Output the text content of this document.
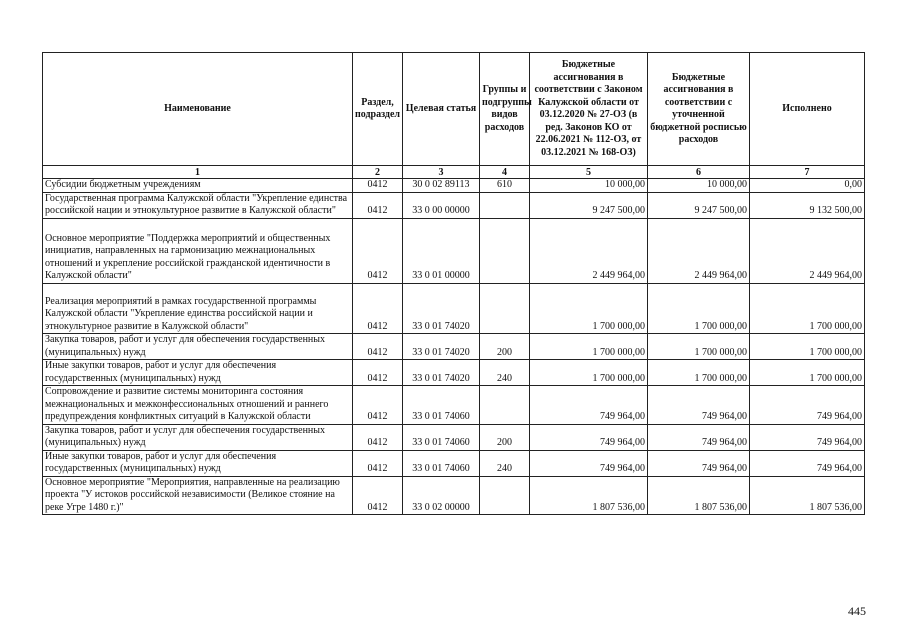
Наименование	Раздел, подраздел	Целевая статья	Группы и подгруппы видов расходов	Бюджетные ассигнования в соответствии с Законом Калужской области от 03.12.2020 № 27-ОЗ (в ред. Законов КО от 22.06.2021 № 112-ОЗ, от 03.12.2021 № 168-ОЗ)	Бюджетные ассигнования в соответствии с уточненной бюджетной росписью расходов	Исполнено
1	2	3	4	5	6	7
Субсидии бюджетным учреждениям	0412	30 0 02 89113	610	10 000,00	10 000,00	0,00
Государственная программа Калужской области "Укрепление единства российской нации и этнокультурное развитие в Калужской области"	0412	33 0 00 00000		9 247 500,00	9 247 500,00	9 132 500,00
Основное мероприятие "Поддержка мероприятий и общественных инициатив, направленных на гармонизацию межнациональных отношений и укрепление российской гражданской идентичности в Калужской области"	0412	33 0 01 00000		2 449 964,00	2 449 964,00	2 449 964,00
Реализация мероприятий в рамках государственной программы Калужской области "Укрепление единства российской нации и этнокультурное развитие в Калужской области"	0412	33 0 01 74020		1 700 000,00	1 700 000,00	1 700 000,00
Закупка товаров, работ и услуг для обеспечения государственных (муниципальных) нужд	0412	33 0 01 74020	200	1 700 000,00	1 700 000,00	1 700 000,00
Иные закупки товаров, работ и услуг для обеспечения государственных (муниципальных) нужд	0412	33 0 01 74020	240	1 700 000,00	1 700 000,00	1 700 000,00
Сопровождение и развитие системы мониторинга состояния межнациональных и межконфессиональных отношений и раннего предупреждения конфликтных ситуаций в Калужской области	0412	33 0 01 74060		749 964,00	749 964,00	749 964,00
Закупка товаров, работ и услуг для обеспечения государственных (муниципальных) нужд	0412	33 0 01 74060	200	749 964,00	749 964,00	749 964,00
Иные закупки товаров, работ и услуг для обеспечения государственных (муниципальных) нужд	0412	33 0 01 74060	240	749 964,00	749 964,00	749 964,00
Основное мероприятие "Мероприятия, направленные на реализацию проекта "У истоков российской независимости (Великое стояние на реке Угре 1480 г.)"	0412	33 0 02 00000		1 807 536,00	1 807 536,00	1 807 536,00
445
